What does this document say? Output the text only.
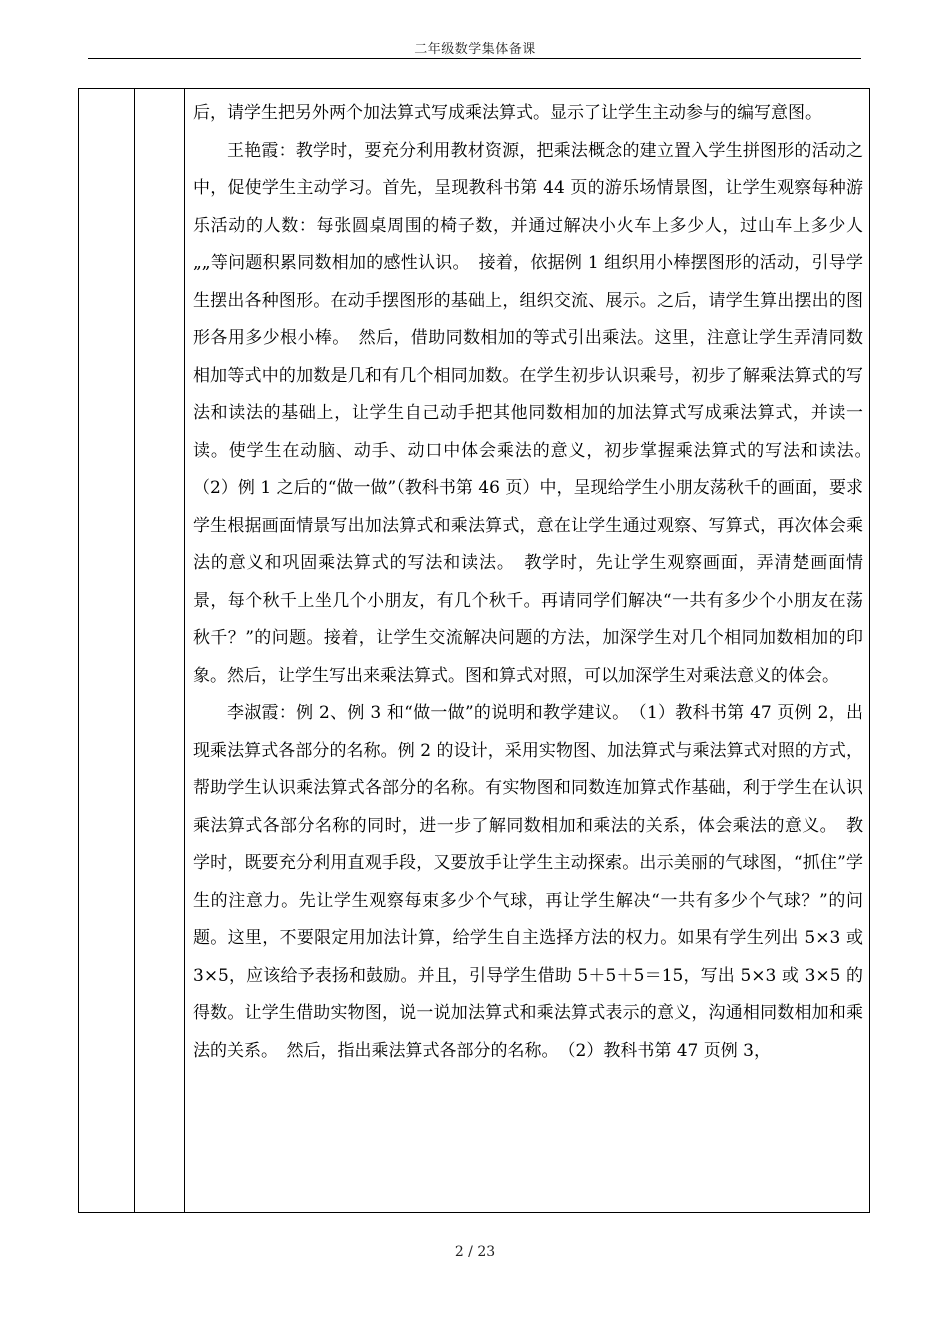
二年级数学集体备课

后，请学生把另外两个加法算式写成乘法算式。显示了让学生主动参与的编写意图。

王艳霞：教学时，要充分利用教材资源，把乘法概念的建立置入学生拼图形的活动之中，促使学生主动学习。首先，呈现教科书第 44 页的游乐场情景图，让学生观察每种游乐活动的人数：每张圆桌周围的椅子数，并通过解决小火车上多少人，过山车上多少人„„等问题积累同数相加的感性认识。　接着，依据例 1 组织用小棒摆图形的活动，引导学生摆出各种图形。在动手摆图形的基础上，组织交流、展示。之后，请学生算出摆出的图形各用多少根小棒。　然后，借助同数相加的等式引出乘法。这里，注意让学生弄清同数相加等式中的加数是几和有几个相同加数。在学生初步认识乘号，初步了解乘法算式的写法和读法的基础上，让学生自己动手把其他同数相加的加法算式写成乘法算式，并读一读。使学生在动脑、动手、动口中体会乘法的意义，初步掌握乘法算式的写法和读法。　（2）例 1 之后的“做一做”（教科书第 46 页）中，呈现给学生小朋友荡秋千的画面，要求学生根据画面情景写出加法算式和乘法算式，意在让学生通过观察、写算式，再次体会乘法的意义和巩固乘法算式的写法和读法。　教学时，先让学生观察画面，弄清楚画面情景，每个秋千上坐几个小朋友，有几个秋千。再请同学们解决“一共有多少个小朋友在荡秋千？”的问题。接着，让学生交流解决问题的方法，加深学生对几个相同加数相加的印象。然后，让学生写出来乘法算式。图和算式对照，可以加深学生对乘法意义的体会。

李淑霞：例 2、例 3 和“做一做”的说明和教学建议。　（1）教科书第 47 页例 2，出现乘法算式各部分的名称。例 2 的设计，采用实物图、加法算式与乘法算式对照的方式，帮助学生认识乘法算式各部分的名称。有实物图和同数连加算式作基础，利于学生在认识乘法算式各部分名称的同时，进一步了解同数相加和乘法的关系，体会乘法的意义。　教学时，既要充分利用直观手段，又要放手让学生主动探索。出示美丽的气球图，“抓住”学生的注意力。先让学生观察每束多少个气球，再让学生解决“一共有多少个气球？”的问题。这里，不要限定用加法计算，给学生自主选择方法的权力。如果有学生列出 5×3 或 3×5，应该给予表扬和鼓励。并且，引导学生借助 5＋5＋5＝15，写出 5×3 或 3×5 的得数。让学生借助实物图，说一说加法算式和乘法算式表示的意义，沟通相同数相加和乘法的关系。　然后，指出乘法算式各部分的名称。　（2）教科书第 47 页例 3，

2 / 23
